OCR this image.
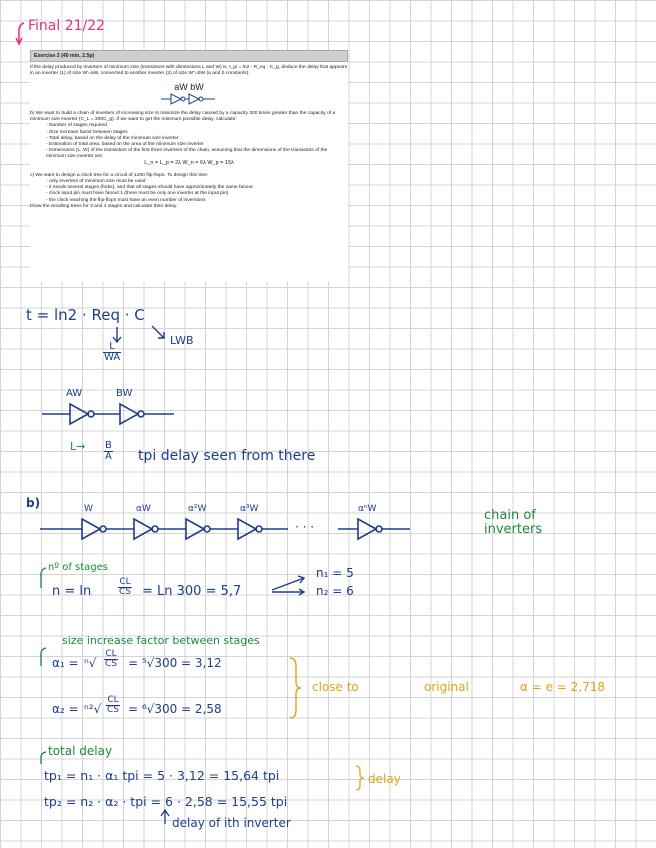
Final 21/22
Exercise 2 (40 min, 2.5p)

If the delay produced by inverters of minimum size (transistors with dimensions L and W) is, t_pi = ln2 · R_eq · C_g, deduce the delay that appears in an inverter (1) of size W'=aW, connected to another inverter (2) of size W''=bW (a and b constants).

aW bW

b) We want to build a chain of inverters of increasing size to minimize the delay caused by a capacity 300 times greater than the capacity of a minimum size inverter (C_L = 300C_g). If we want to get the minimum possible delay, calculate:

- Number of stages required
- Size increase factor between stages
- Total delay, based on the delay of the minimum size inverter
- Estimation of total area, based on the area of the minimum size inverter
- Dimensions (L, W) of the transistors of the first three inverters of the chain, assuming that the dimensions of the transistors of the minimum size inverter are:
L_n = L_p = 2λ W_n = 6λ W_p = 15λ

c) We want to design a clock tree for a circuit of 1200 flip-flops. To design this tree:

- only inverters of minimum size must be used
- it needs several stages (forks), and that all stages should have approximately the same fanout
- clock input pin must have fanout 1 (there must be only one inverter at the input pin)
- the clock reaching the flip-flops must have an even number of inversions

Draw the resulting trees for 3 and 4 stages and calculate their delay.

t = ln2 · Req · C
$\frac{L}{WA}$
LWB
AW	BW
$L\to \frac{B}{A}$ tpi delay seen from there
b)	W	αW	α²W	α³W	αⁿW
· · ·
chain of
inverters
nº of stages
n = ln	$\frac{CL}{CS} = Ln$ 300 = 5,7
n₁ = 5
n₂ = 6
size increase factor between stages
$\alpha_1 = ^n√ \frac{CL}{CS} = ^5√300 = 3,12$
$\alpha_2 = ^{n2}√ \frac{CL}{CS} = ^6√300 = 2,58$
close to	original	α = e = 2,718
total delay
tp₁ = n₁ · α₁ tpi = 5 · 3,12 = 15,64 tpi
tp₂ = n₂ · α₂ · tpi = 6 · 2,58 = 15,55 tpi
delay
delay of ith inverter
